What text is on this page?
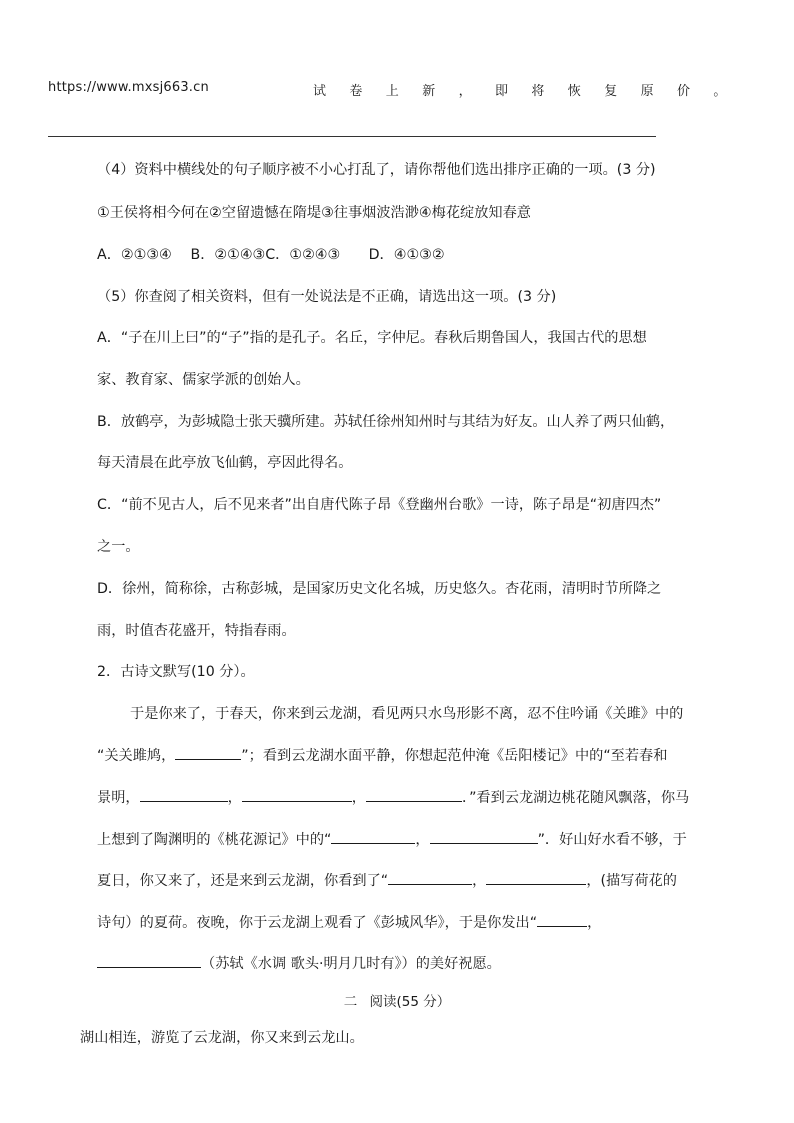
https://www.mxsj663.cn	试卷上新，即将恢复原价。
（4）资料中横线处的句子顺序被不小心打乱了，请你帮他们选出排序正确的一项。(3 分)
①王侯将相今何在②空留遗憾在隋堤③往事烟波浩渺④梅花绽放知春意
A．②①③④　 B．②①④③C．①②④③　　D．④①③②
（5）你查阅了相关资料，但有一处说法是不正确，请选出这一项。(3 分)
A．“子在川上曰”的“子”指的是孔子。名丘，字仲尼。春秋后期鲁国人，我国古代的思想
家、教育家、儒家学派的创始人。
B．放鹤亭，为彭城隐士张天骥所建。苏轼任徐州知州时与其结为好友。山人养了两只仙鹤，
每天清晨在此亭放飞仙鹤，亭因此得名。
C．“前不见古人，后不见来者”出自唐代陈子昂《登幽州台歌》一诗，陈子昂是“初唐四杰”
之一。
D．徐州，简称徐，古称彭城，是国家历史文化名城，历史悠久。杏花雨，清明时节所降之
雨，时值杏花盛开，特指春雨。
2．古诗文默写(10 分）。
于是你来了，于春天，你来到云龙湖，看见两只水鸟形影不离，忍不住吟诵《关雎》中的
“关关雎鸠，	”；看到云龙湖水面平静，你想起范仲淹《岳阳楼记》中的“至若春和
景明，	，	，	．”看到云龙湖边桃花随风飘落，你马
上想到了陶渊明的《桃花源记》中的“	，	”．好山好水看不够，于
夏日，你又来了，还是来到云龙湖，你看到了“	，	，(描写荷花的
诗句）的夏荷。夜晚，你于云龙湖上观看了《彭城风华》，于是你发出“	，
（苏轼《水调 歌头·明月几时有》）的美好祝愿。
二 阅读(55 分）
湖山相连，游览了云龙湖，你又来到云龙山。
